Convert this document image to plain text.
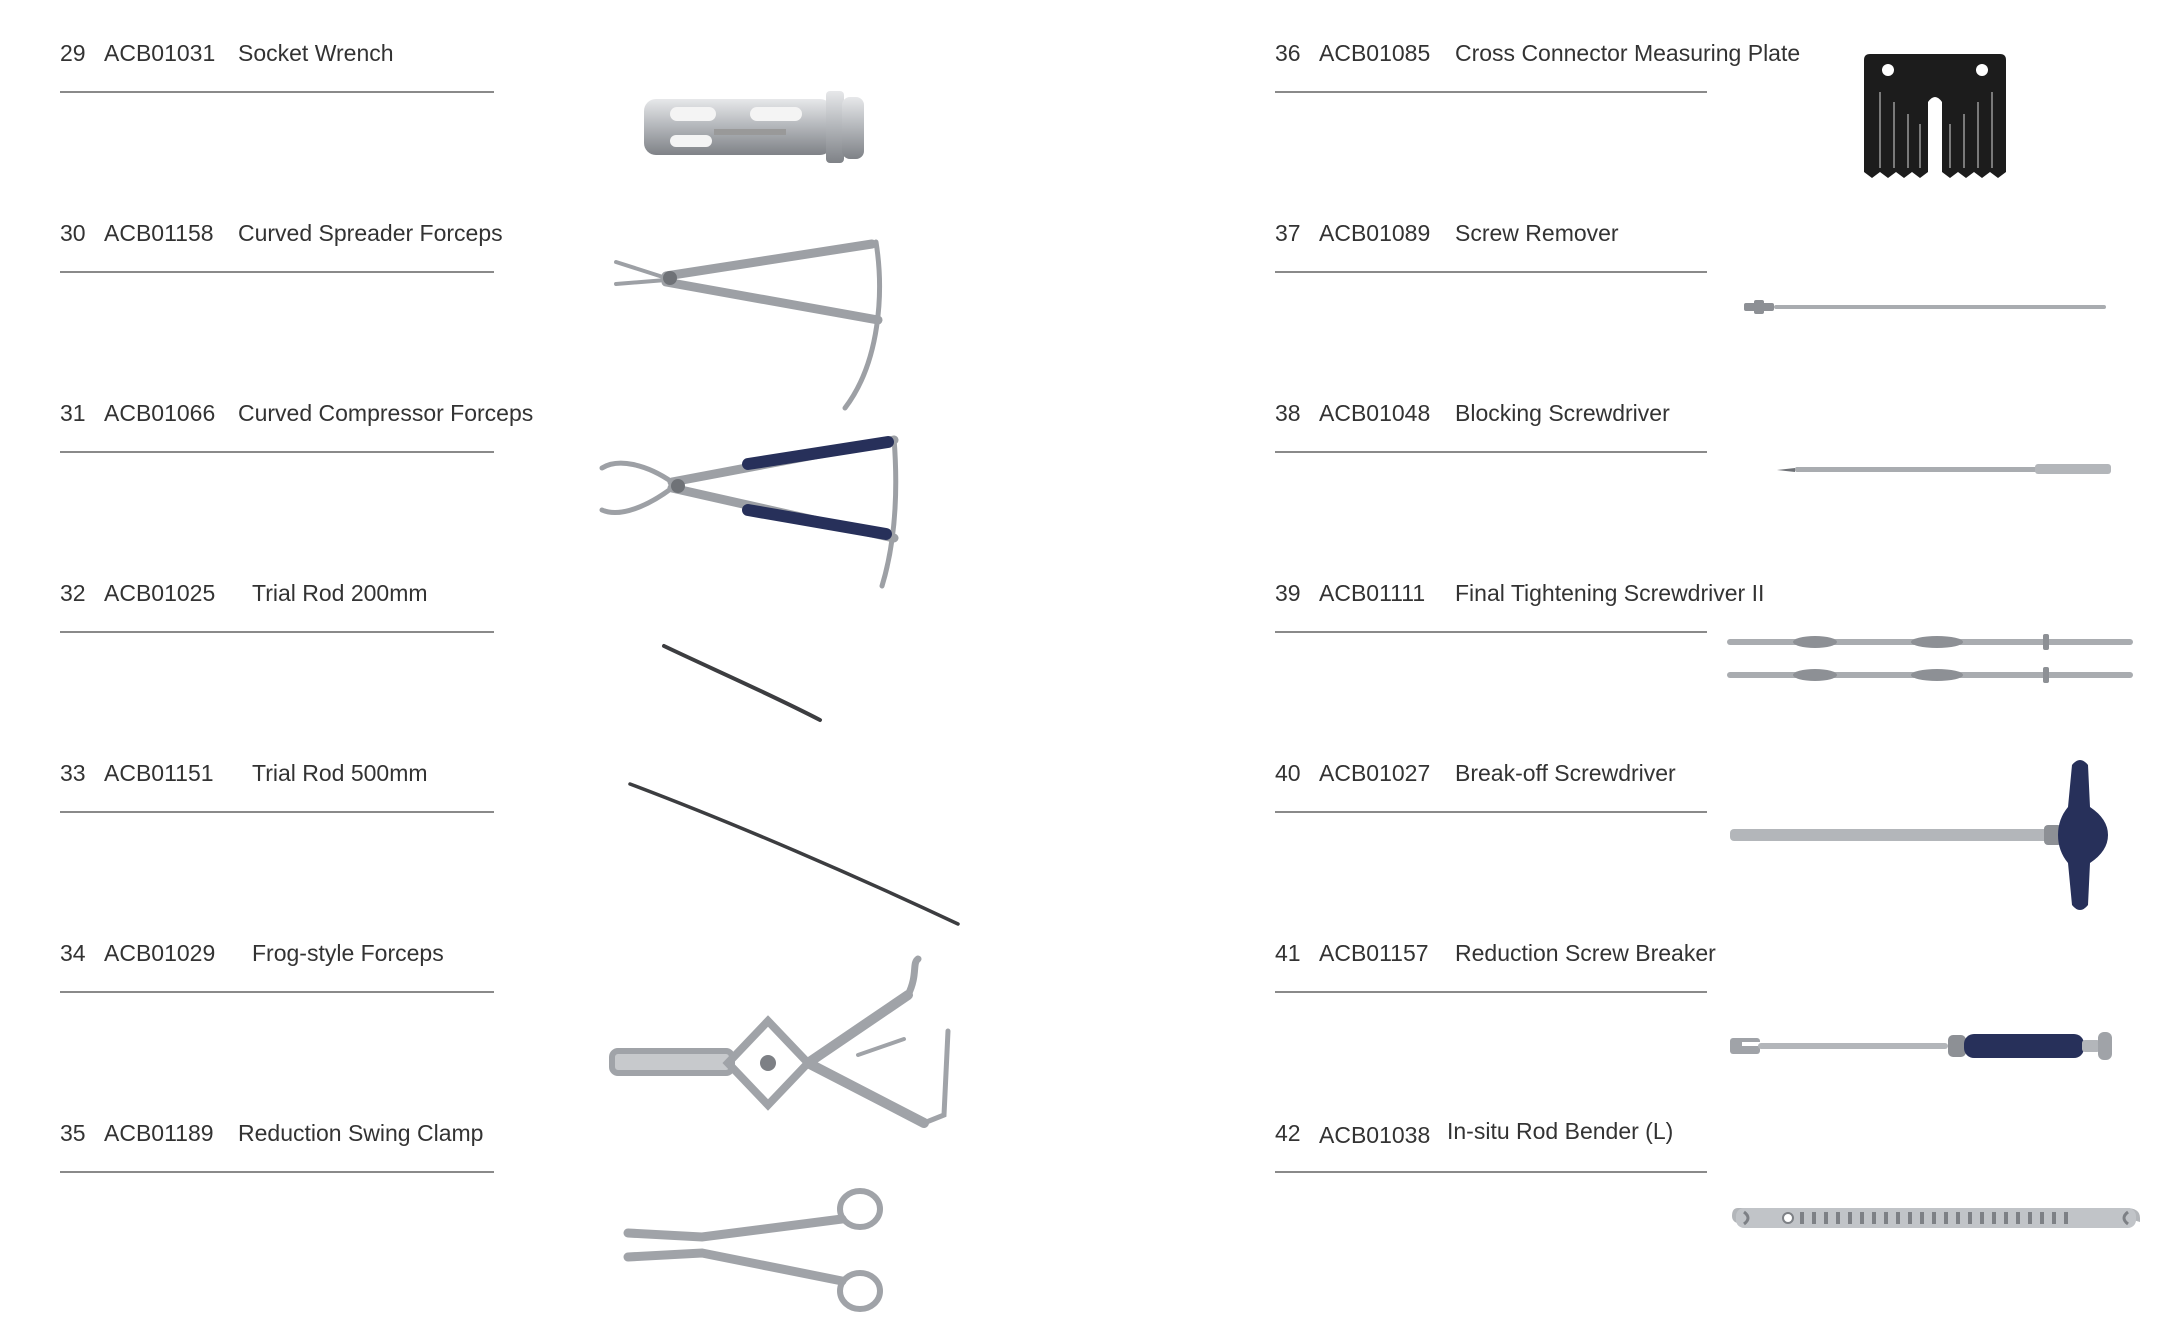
29 ACB01031 Socket Wrench
30 ACB01158 Curved Spreader Forceps
31 ACB01066 Curved Compressor Forceps
32 ACB01025 Trial Rod 200mm
33 ACB01151 Trial Rod 500mm
34 ACB01029 Frog-style Forceps
35 ACB01189 Reduction Swing Clamp
36 ACB01085 Cross Connector Measuring Plate
37 ACB01089 Screw Remover
38 ACB01048 Blocking Screwdriver
39 ACB01111 Final Tightening Screwdriver II
40 ACB01027 Break-off Screwdriver
41 ACB01157 Reduction Screw Breaker
42 ACB01038 In-situ Rod Bender (L)
